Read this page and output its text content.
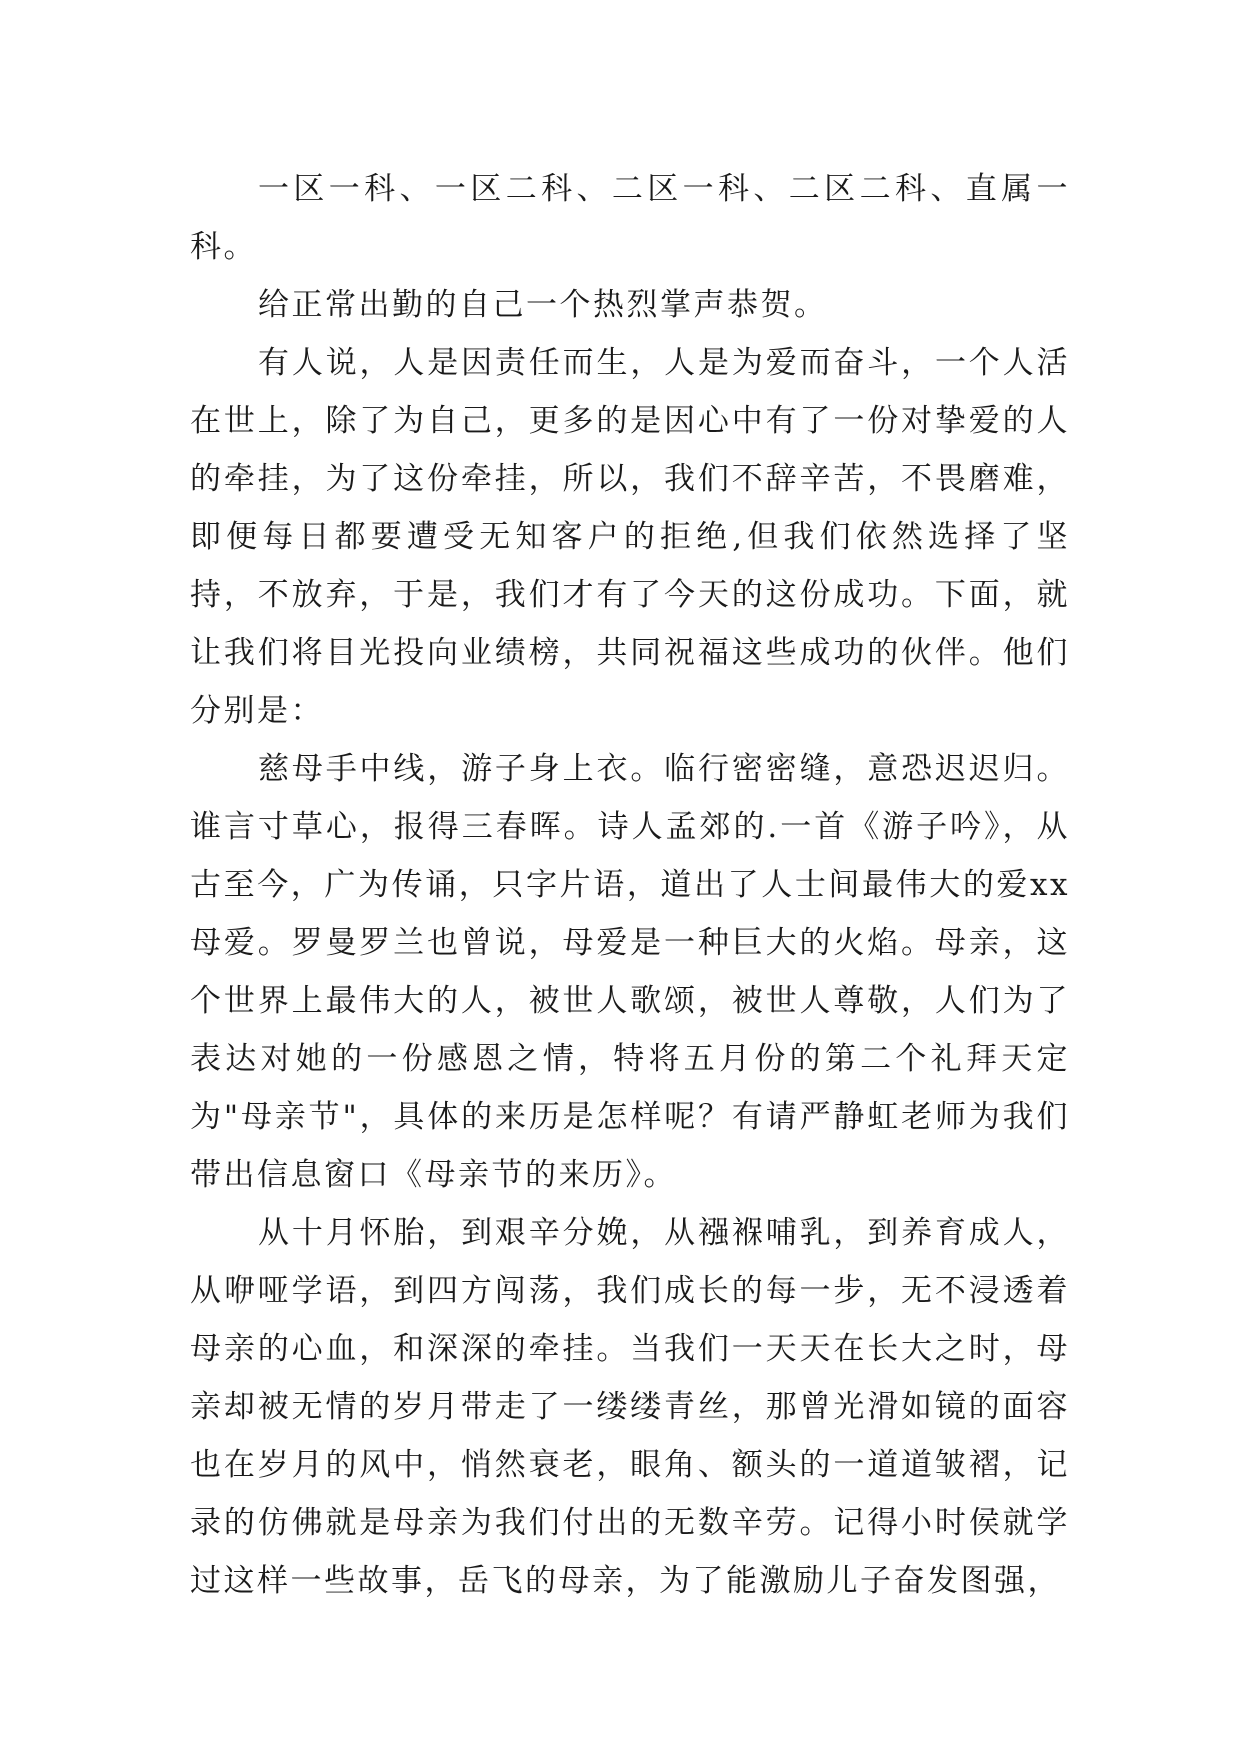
一区一科、一区二科、二区一科、二区二科、直属一科。

给正常出勤的自己一个热烈掌声恭贺。

有人说，人是因责任而生，人是为爱而奋斗，一个人活在世上，除了为自己，更多的是因心中有了一份对挚爱的人的牵挂，为了这份牵挂，所以，我们不辞辛苦，不畏磨难，即便每日都要遭受无知客户的拒绝,但我们依然选择了坚持，不放弃，于是，我们才有了今天的这份成功。下面，就让我们将目光投向业绩榜，共同祝福这些成功的伙伴。他们分别是：

慈母手中线，游子身上衣。临行密密缝，意恐迟迟归。谁言寸草心，报得三春晖。诗人孟郊的.一首《游子吟》，从古至今，广为传诵，只字片语，道出了人士间最伟大的爱xx母爱。罗曼罗兰也曾说，母爱是一种巨大的火焰。母亲，这个世界上最伟大的人，被世人歌颂，被世人尊敬，人们为了表达对她的一份感恩之情，特将五月份的第二个礼拜天定为"母亲节"，具体的来历是怎样呢？有请严静虹老师为我们带出信息窗口《母亲节的来历》。

从十月怀胎，到艰辛分娩，从襁褓哺乳，到养育成人，从咿哑学语，到四方闯荡，我们成长的每一步，无不浸透着母亲的心血，和深深的牵挂。当我们一天天在长大之时，母亲却被无情的岁月带走了一缕缕青丝，那曾光滑如镜的面容也在岁月的风中，悄然衰老，眼角、额头的一道道皱褶，记录的仿佛就是母亲为我们付出的无数辛劳。记得小时侯就学过这样一些故事，岳飞的母亲，为了能激励儿子奋发图强，
